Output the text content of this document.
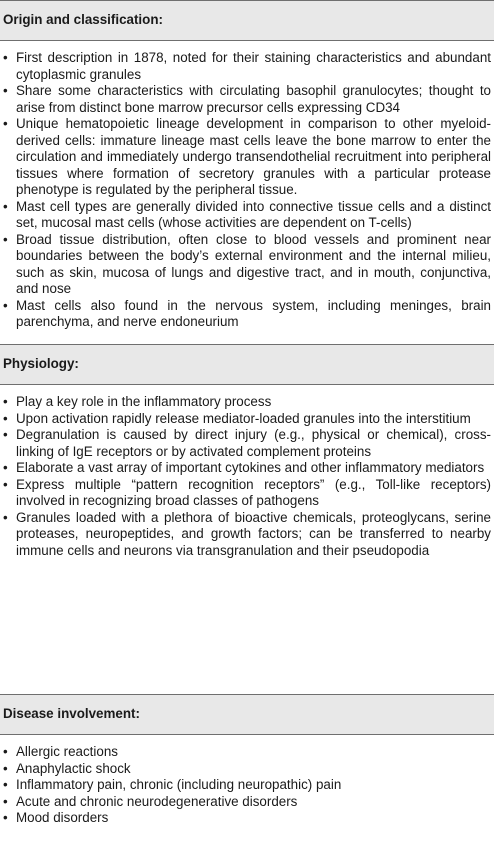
Origin and classification:
• First description in 1878, noted for their staining characteristics and abundant cytoplasmic granules
• Share some characteristics with circulating basophil granulocytes; thought to arise from distinct bone marrow precursor cells expressing CD34
• Unique hematopoietic lineage development in comparison to other myeloid-derived cells: immature lineage mast cells leave the bone marrow to enter the circulation and immediately undergo transendothelial recruitment into peripheral tissues where formation of secretory granules with a particular protease phenotype is regulated by the peripheral tissue.
• Mast cell types are generally divided into connective tissue cells and a distinct set, mucosal mast cells (whose activities are dependent on T-cells)
• Broad tissue distribution, often close to blood vessels and prominent near boundaries between the body’s external environment and the internal milieu, such as skin, mucosa of lungs and digestive tract, and in mouth, conjunctiva, and nose
• Mast cells also found in the nervous system, including meninges, brain parenchyma, and nerve endoneurium
Physiology:
• Play a key role in the inflammatory process
• Upon activation rapidly release mediator-loaded granules into the interstitium
• Degranulation is caused by direct injury (e.g., physical or chemical), cross-linking of IgE receptors or by activated complement proteins
• Elaborate a vast array of important cytokines and other inflammatory mediators
• Express multiple “pattern recognition receptors” (e.g., Toll-like receptors) involved in recognizing broad classes of pathogens
• Granules loaded with a plethora of bioactive chemicals, proteoglycans, serine proteases, neuropeptides, and growth factors; can be transferred to nearby immune cells and neurons via transgranulation and their pseudopodia
Disease involvement:
• Allergic reactions
• Anaphylactic shock
• Inflammatory pain, chronic (including neuropathic) pain
• Acute and chronic neurodegenerative disorders
• Mood disorders
